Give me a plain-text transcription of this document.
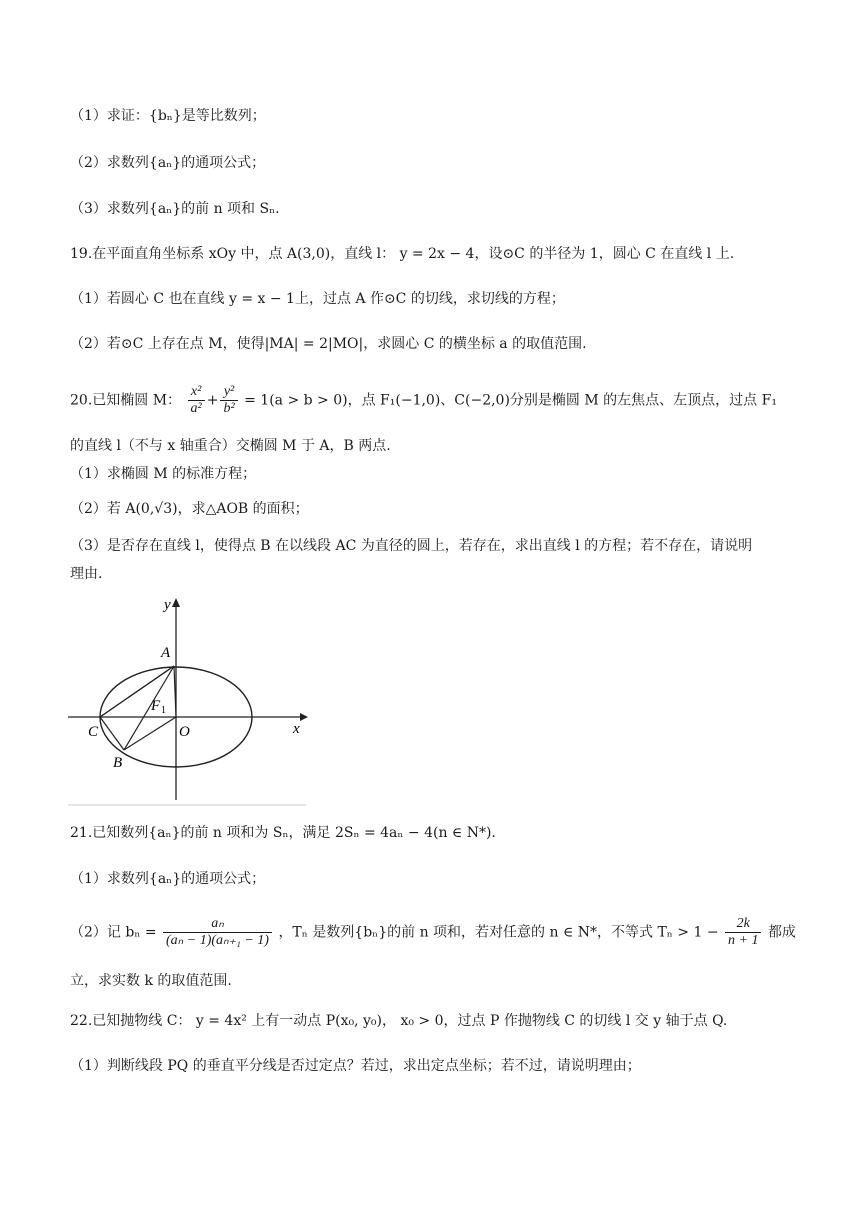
（1）求证：{bₙ}是等比数列；
（2）求数列{aₙ}的通项公式；
（3）求数列{aₙ}的前 n 项和 Sₙ.
19.在平面直角坐标系 xOy 中，点 A(3,0)，直线 l： y = 2x − 4，设⊙C 的半径为 1，圆心 C 在直线 l 上.
（1）若圆心 C 也在直线 y = x − 1上，过点 A 作⊙C 的切线，求切线的方程；
（2）若⊙C 上存在点 M，使得|MA| = 2|MO|，求圆心 C 的横坐标 a 的取值范围.
20.已知椭圆 M： $\frac{\text{x²}}{\text{a²}} + \frac{\text{y²}}{\text{b²}} = 1(a > b > 0)$，点 F₁(−1,0)、C(−2,0)分别是椭圆 M 的左焦点、左顶点，过点 F₁
的直线 l（不与 x 轴重合）交椭圆 M 于 A，B 两点.
（1）求椭圆 M 的标准方程；
（2）若 A(0,√3)，求△AOB 的面积；
（3）是否存在直线 l，使得点 B 在以线段 AC 为直径的圆上，若存在，求出直线 l 的方程；若不存在，请说明
理由.
y
x
A
B
C	O
F 1
21.已知数列{aₙ}的前 n 项和为 Sₙ，满足 2Sₙ = 4aₙ − 4(n ∈ N*).
（1）求数列{aₙ}的通项公式；
（2）记 $b_n = \frac{\text{aₙ}}{\text{(aₙ − 1)(aₙ₊₁ − 1)}}$ ，Tₙ 是数列{bₙ}的前 n 项和，若对任意的 n ∈ N*，不等式 $T_n > 1 - \frac{2k}{n + 1}$ 都成
立，求实数 k 的取值范围.
22.已知抛物线 C： y = 4x² 上有一动点 P(x₀, y₀)， x₀ > 0，过点 P 作抛物线 C 的切线 l 交 y 轴于点 Q.
（1）判断线段 PQ 的垂直平分线是否过定点？若过，求出定点坐标；若不过，请说明理由；
